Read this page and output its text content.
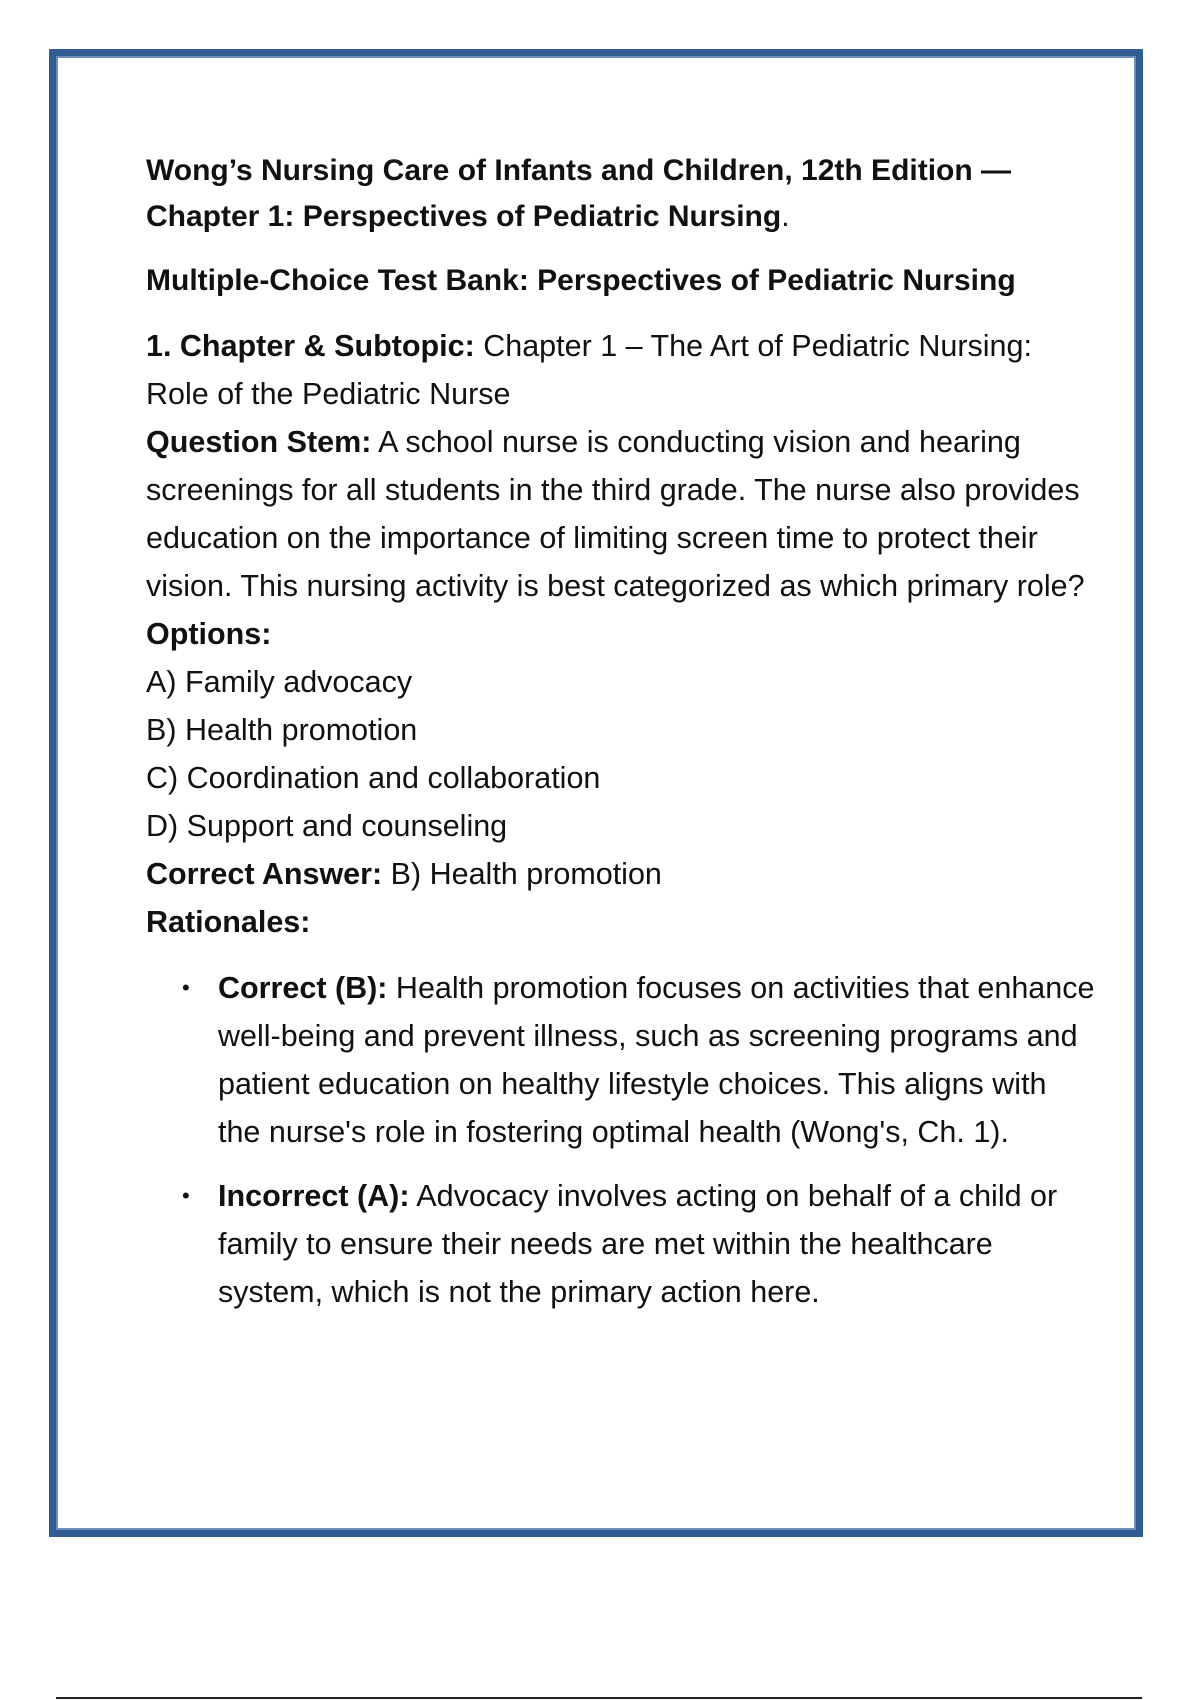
Wong’s Nursing Care of Infants and Children, 12th Edition — Chapter 1: Perspectives of Pediatric Nursing.

Multiple-Choice Test Bank: Perspectives of Pediatric Nursing

1. Chapter & Subtopic: Chapter 1 – The Art of Pediatric Nursing: Role of the Pediatric Nurse

Question Stem: A school nurse is conducting vision and hearing screenings for all students in the third grade. The nurse also provides education on the importance of limiting screen time to protect their vision. This nursing activity is best categorized as which primary role?

Options:

A) Family advocacy
B) Health promotion
C) Coordination and collaboration
D) Support and counseling

Correct Answer: B) Health promotion

Rationales:

• Correct (B): Health promotion focuses on activities that enhance well-being and prevent illness, such as screening programs and patient education on healthy lifestyle choices. This aligns with the nurse's role in fostering optimal health (Wong's, Ch. 1).
• Incorrect (A): Advocacy involves acting on behalf of a child or family to ensure their needs are met within the healthcare system, which is not the primary action here.
